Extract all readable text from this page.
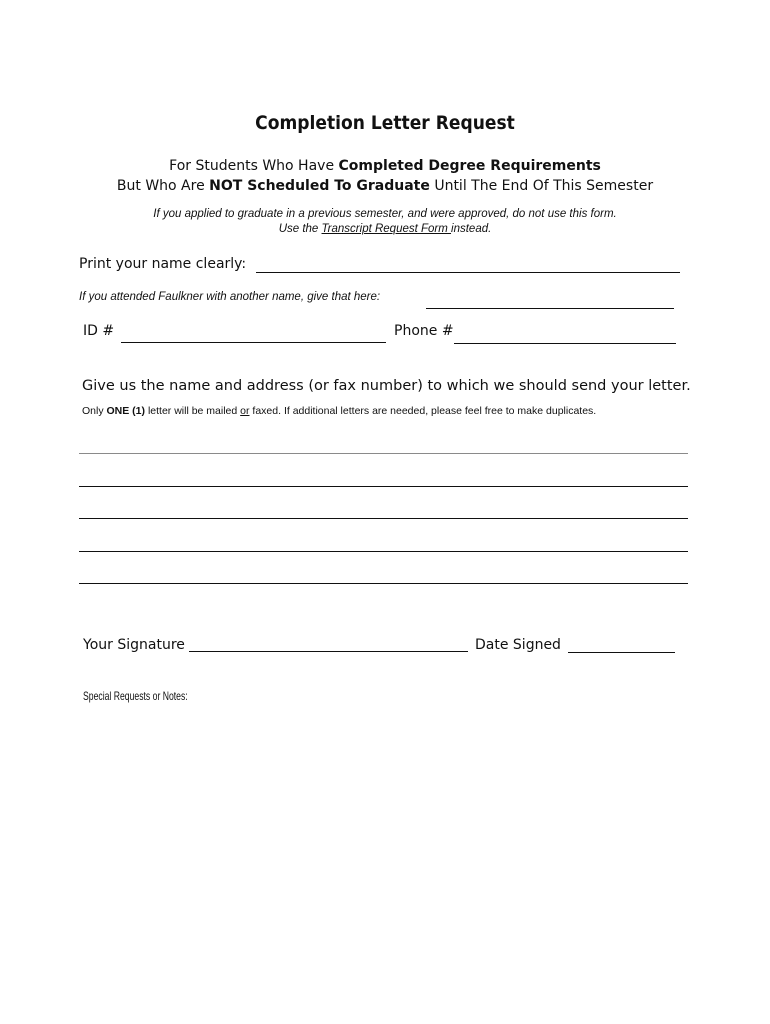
Completion Letter Request
For Students Who Have Completed Degree Requirements
But Who Are NOT Scheduled To Graduate Until The End Of This Semester
If you applied to graduate in a previous semester, and were approved, do not use this form.
Use the Transcript Request Form instead.
Print your name clearly:
If you attended Faulkner with another name, give that here:
ID #	Phone #
Give us the name and address (or fax number) to which we should send your letter.
Only ONE (1) letter will be mailed or faxed. If additional letters are needed, please feel free to make duplicates.
Your Signature	Date Signed
Special Requests or Notes:
